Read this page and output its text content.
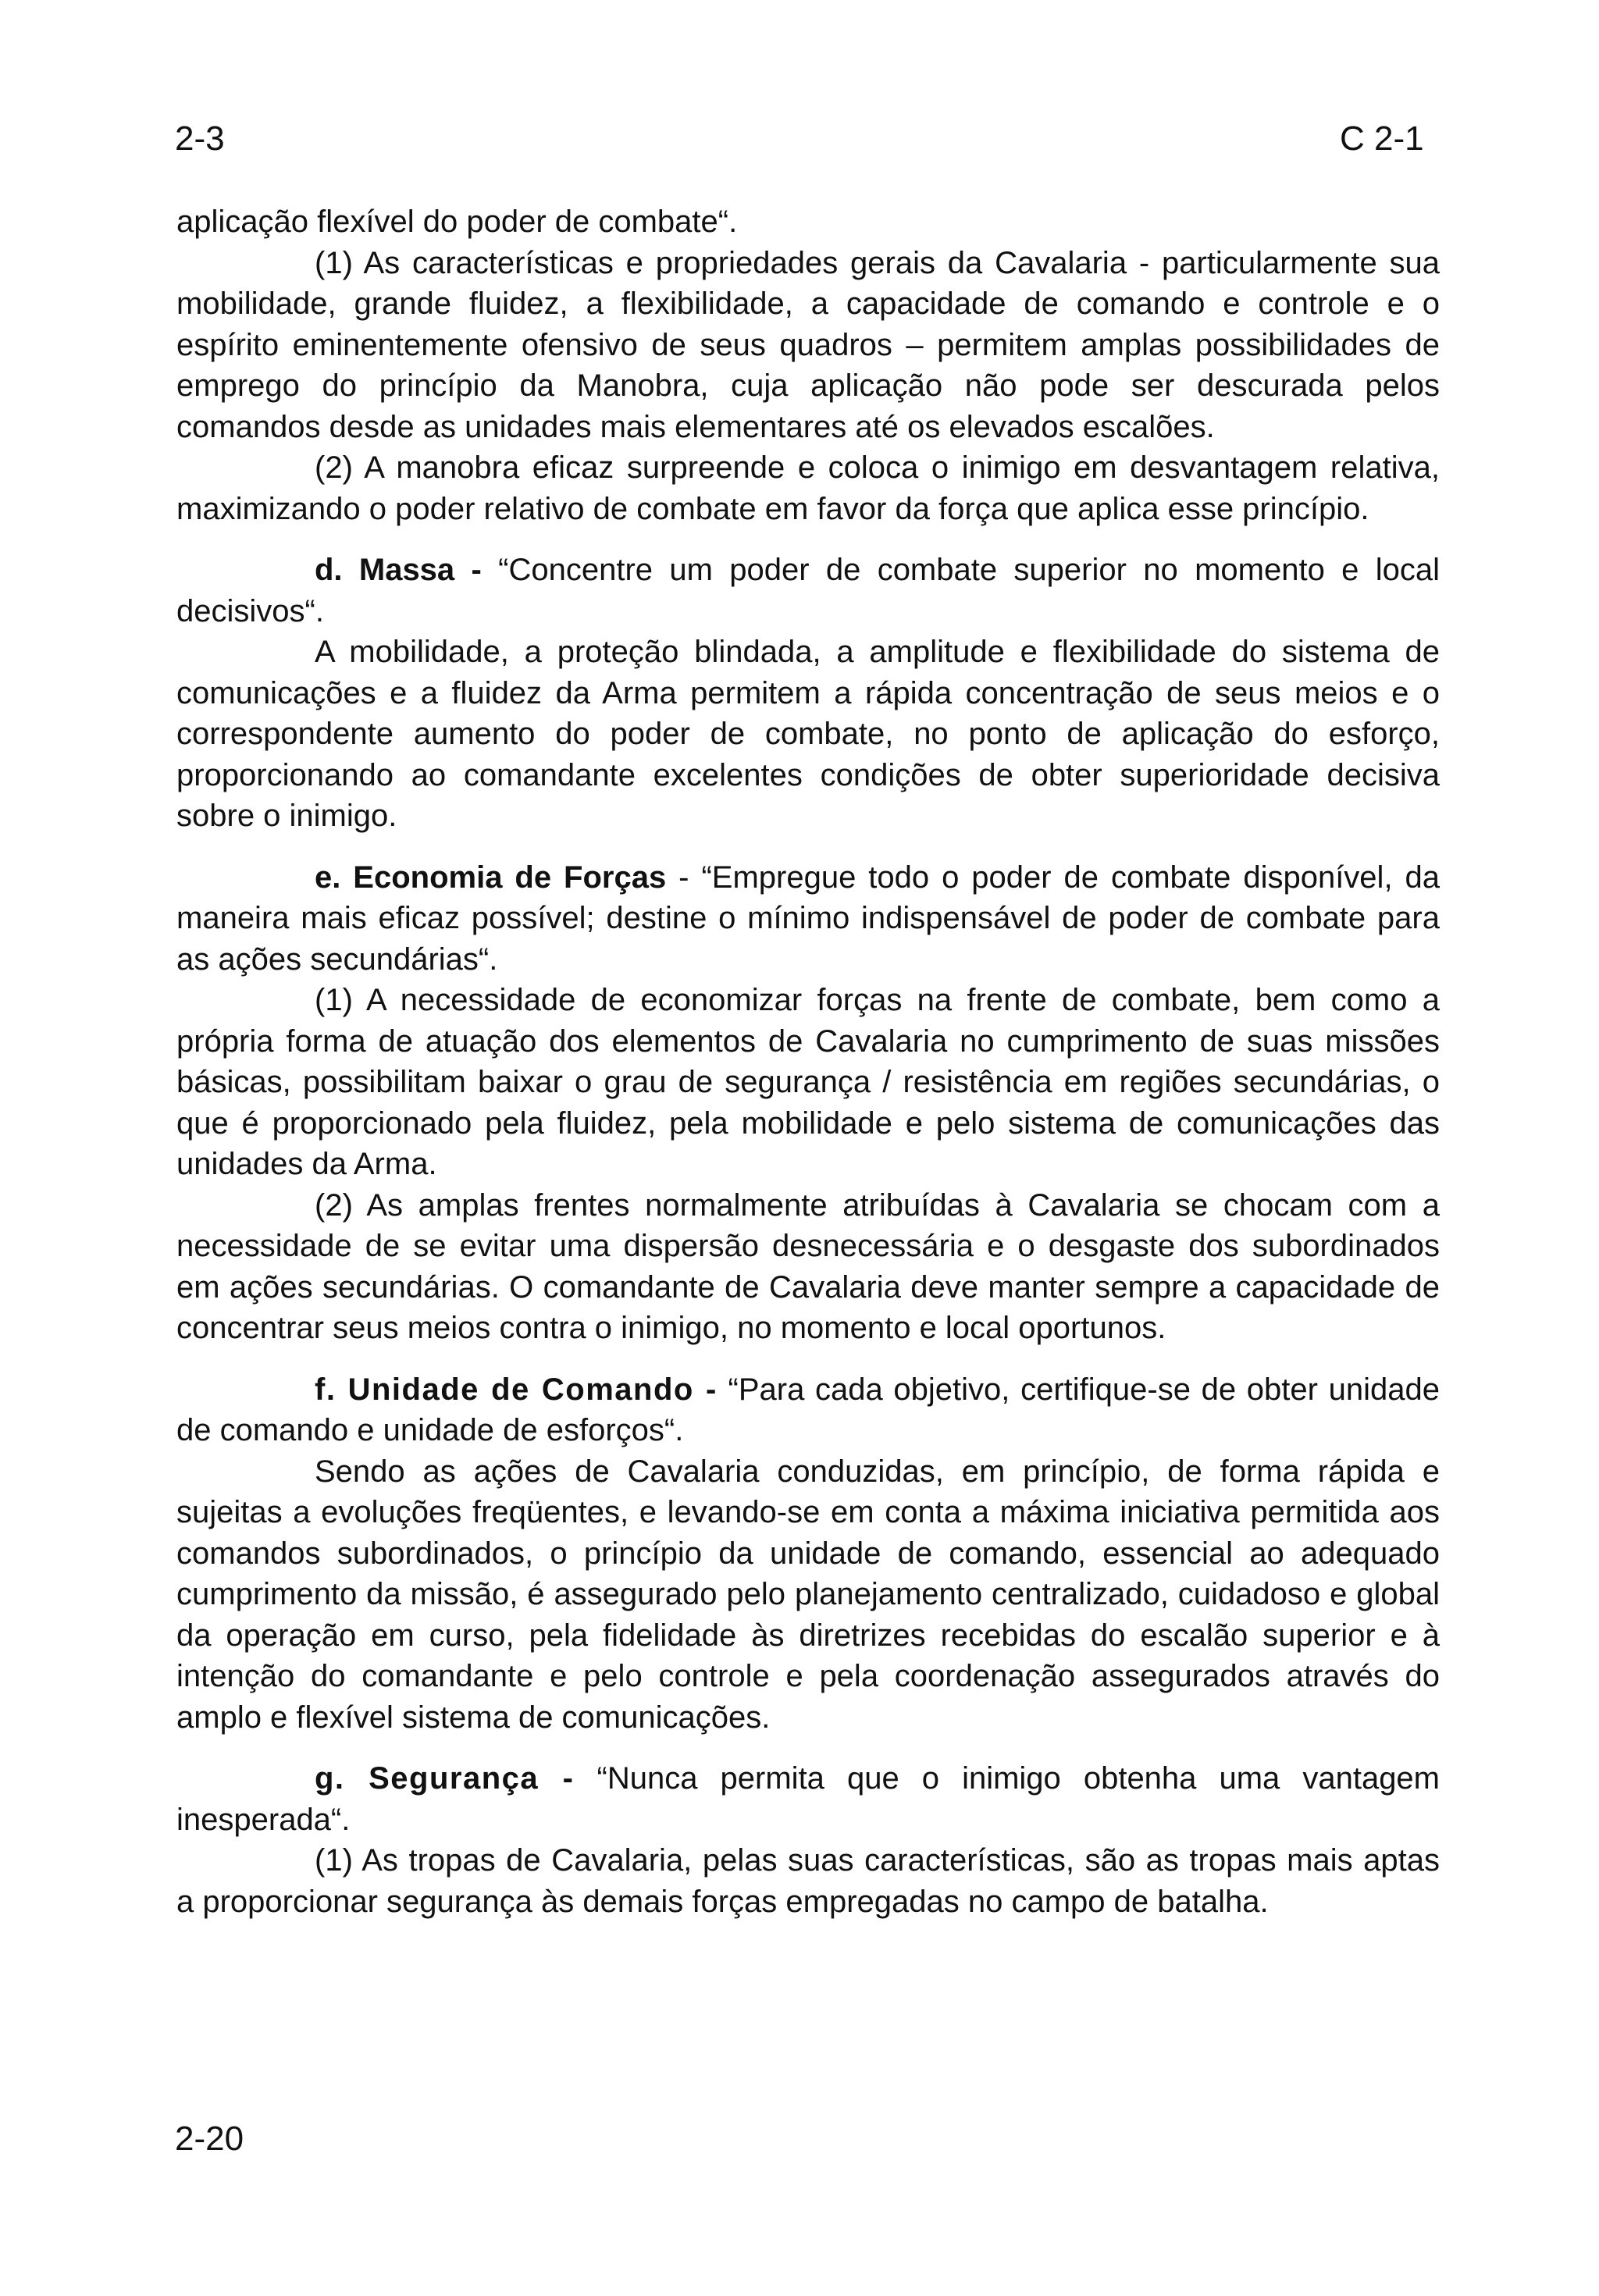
2-3	C 2-1

aplicação flexível do poder de combate“.

(1) As características e propriedades gerais da Cavalaria - particularmente sua mobilidade, grande fluidez, a flexibilidade, a capacidade de comando e controle e o espírito eminentemente ofensivo de seus quadros – permitem amplas possibilidades de emprego do princípio da Manobra, cuja aplicação não pode ser descurada pelos comandos desde as unidades mais elementares até os elevados escalões.

(2) A manobra eficaz surpreende e coloca o inimigo em desvantagem relativa, maximizando o poder relativo de combate em favor da força que aplica esse princípio.

d. Massa - “Concentre um poder de combate superior no momento e local decisivos“.

A mobilidade, a proteção blindada, a amplitude e flexibilidade do sistema de comunicações e a fluidez da Arma permitem a rápida concentração de seus meios e o correspondente aumento do poder de combate, no ponto de aplicação do esforço, proporcionando ao comandante excelentes condições de obter superioridade decisiva sobre o inimigo.

e. Economia de Forças - “Empregue todo o poder de combate disponível, da maneira mais eficaz possível; destine o mínimo indispensável de poder de combate para as ações secundárias“.

(1) A necessidade de economizar forças na frente de combate, bem como a própria forma de atuação dos elementos de Cavalaria no cumprimento de suas missões básicas, possibilitam baixar o grau de segurança / resistência em regiões secundárias, o que é proporcionado pela fluidez, pela mobilidade e pelo sistema de comunicações das unidades da Arma.

(2) As amplas frentes normalmente atribuídas à Cavalaria se chocam com a necessidade de se evitar uma dispersão desnecessária e o desgaste dos subordinados em ações secundárias. O comandante de Cavalaria deve manter sempre a capacidade de concentrar seus meios contra o inimigo, no momento e local oportunos.

f. Unidade de Comando - “Para cada objetivo, certifique-se de obter unidade de comando e unidade de esforços“.

Sendo as ações de Cavalaria conduzidas, em princípio, de forma rápida e sujeitas a evoluções freqüentes, e levando-se em conta a máxima iniciativa permitida aos comandos subordinados, o princípio da unidade de comando, essencial ao adequado cumprimento da missão, é assegurado pelo planejamento centralizado, cuidadoso e global da operação em curso, pela fidelidade às diretrizes recebidas do escalão superior e à intenção do comandante e pelo controle e pela coordenação assegurados através do amplo e flexível sistema de comunicações.

g. Segurança - “Nunca permita que o inimigo obtenha uma vantagem inesperada“.

(1) As tropas de Cavalaria, pelas suas características, são as tropas mais aptas a proporcionar segurança às demais forças empregadas no campo de batalha.

2-20
